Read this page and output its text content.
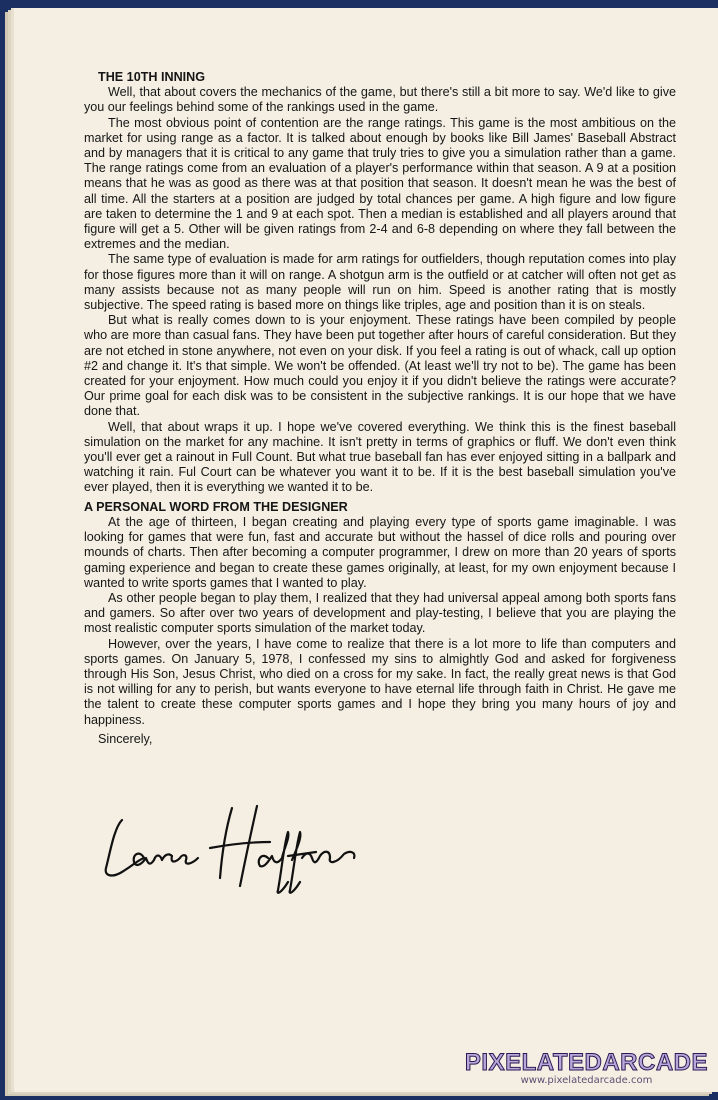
THE 10TH INNING

Well, that about covers the mechanics of the game, but there's still a bit more to say. We'd like to give you our feelings behind some of the rankings used in the game.

The most obvious point of contention are the range ratings. This game is the most ambitious on the market for using range as a factor. It is talked about enough by books like Bill James' Baseball Abstract and by managers that it is critical to any game that truly tries to give you a simulation rather than a game. The range ratings come from an evaluation of a player's performance within that season. A 9 at a position means that he was as good as there was at that position that season. It doesn't mean he was the best of all time. All the starters at a position are judged by total chances per game. A high figure and low figure are taken to determine the 1 and 9 at each spot. Then a median is established and all players around that figure will get a 5. Other will be given ratings from 2-4 and 6-8 depending on where they fall between the extremes and the median.

The same type of evaluation is made for arm ratings for outfielders, though reputation comes into play for those figures more than it will on range. A shotgun arm is the outfield or at catcher will often not get as many assists because not as many people will run on him. Speed is another rating that is mostly subjective. The speed rating is based more on things like triples, age and position than it is on steals.

But what is really comes down to is your enjoyment. These ratings have been compiled by people who are more than casual fans. They have been put together after hours of careful consideration. But they are not etched in stone anywhere, not even on your disk. If you feel a rating is out of whack, call up option #2 and change it. It's that simple. We won't be offended. (At least we'll try not to be). The game has been created for your enjoyment. How much could you enjoy it if you didn't believe the ratings were accurate? Our prime goal for each disk was to be consistent in the subjective rankings. It is our hope that we have done that.

Well, that about wraps it up. I hope we've covered everything. We think this is the finest baseball simulation on the market for any machine. It isn't pretty in terms of graphics or fluff. We don't even think you'll ever get a rainout in Full Count. But what true baseball fan has ever enjoyed sitting in a ballpark and watching it rain. Ful Court can be whatever you want it to be. If it is the best baseball simulation you've ever played, then it is everything we wanted it to be.

A PERSONAL WORD FROM THE DESIGNER

At the age of thirteen, I began creating and playing every type of sports game imaginable. I was looking for games that were fun, fast and accurate but without the hassel of dice rolls and pouring over mounds of charts. Then after becoming a computer programmer, I drew on more than 20 years of sports gaming experience and began to create these games originally, at least, for my own enjoyment because I wanted to write sports games that I wanted to play.

As other people began to play them, I realized that they had universal appeal among both sports fans and gamers. So after over two years of development and play-testing, I believe that you are playing the most realistic computer sports simulation of the market today.

However, over the years, I have come to realize that there is a lot more to life than computers and sports games. On January 5, 1978, I confessed my sins to almightly God and asked for forgiveness through His Son, Jesus Christ, who died on a cross for my sake. In fact, the really great news is that God is not willing for any to perish, but wants everyone to have eternal life through faith in Christ. He gave me the talent to create these computer sports games and I hope they bring you many hours of joy and happiness.

Sincerely,

PIXELATEDARCADE
www.pixelatedarcade.com
